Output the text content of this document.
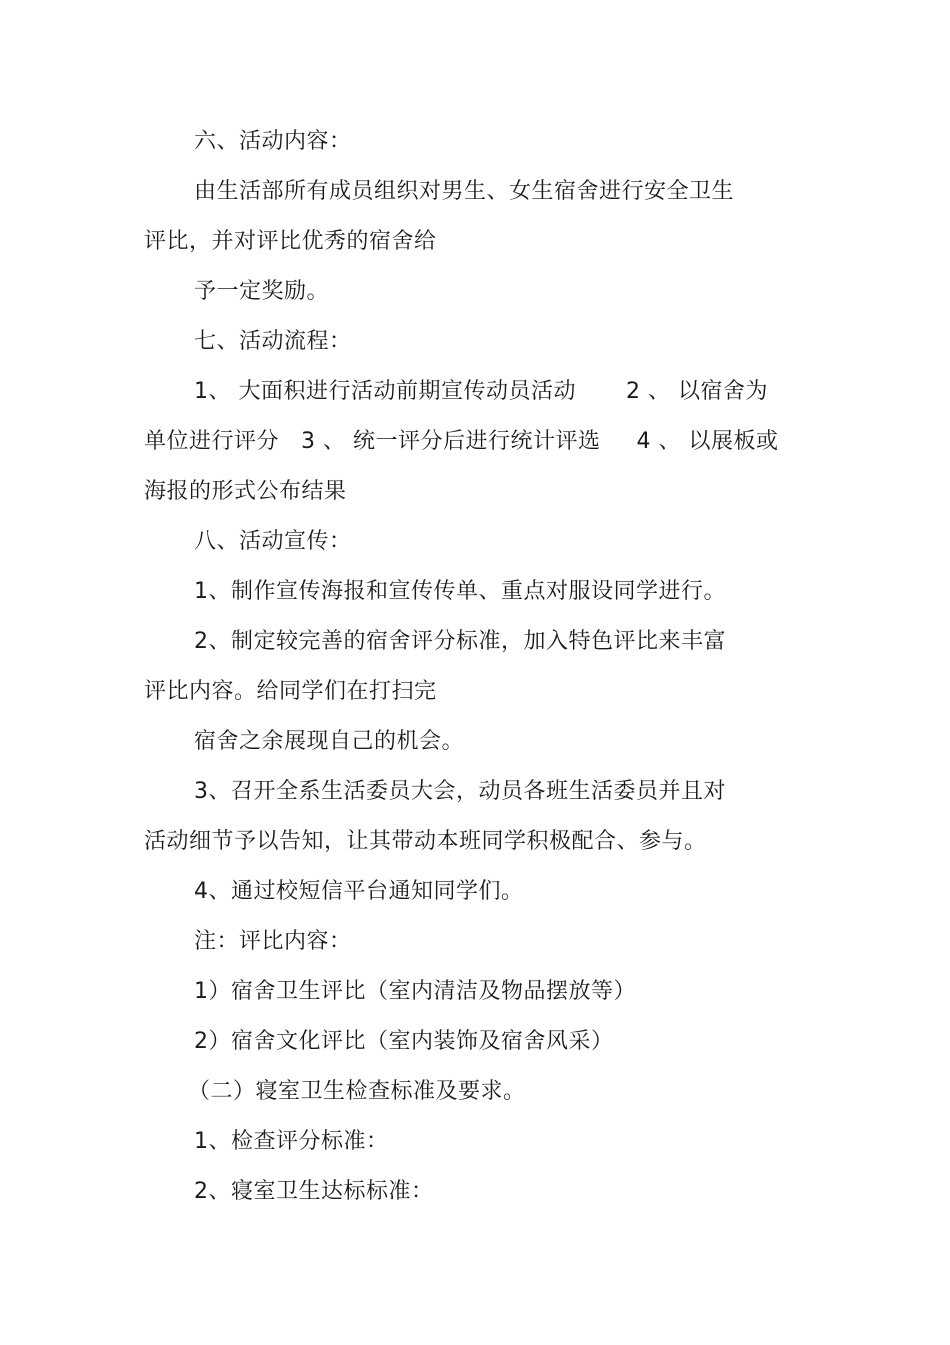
六、活动内容：
由生活部所有成员组织对男生、女生宿舍进行安全卫生
评比，并对评比优秀的宿舍给
予一定奖励。
七、活动流程：
1、 大面积进行活动前期宣传动员活动 2 、 以宿舍为
单位进行评分 3 、 统一评分后进行统计评选 4 、 以展板或
海报的形式公布结果
八、活动宣传：
1、制作宣传海报和宣传传单、重点对服设同学进行。
2、制定较完善的宿舍评分标准，加入特色评比来丰富
评比内容。给同学们在打扫完
宿舍之余展现自己的机会。
3、召开全系生活委员大会，动员各班生活委员并且对
活动细节予以告知，让其带动本班同学积极配合、参与。
4、通过校短信平台通知同学们。
注：评比内容：
1）宿舍卫生评比（室内清洁及物品摆放等）
2）宿舍文化评比（室内装饰及宿舍风采）
（二）寝室卫生检查标准及要求。
1、检查评分标准：
2、寝室卫生达标标准：
